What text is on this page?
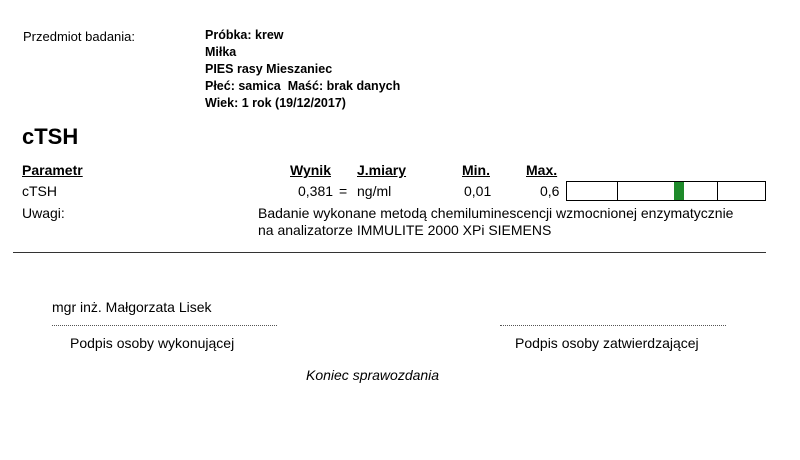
Przedmiot badania:	Próbka: krew
Miłka
PIES rasy Mieszaniec
Płeć: samica  Maść: brak danych
Wiek: 1 rok (19/12/2017)
cTSH
Parametr	Wynik J.miary	Min.	Max.
cTSH	0,381 = ng/ml	0,01	0,6
Uwagi:	Badanie wykonane metodą chemiluminescencji wzmocnionej enzymatycznie
na analizatorze IMMULITE 2000 XPi SIEMENS
mgr inż. Małgorzata Lisek
Podpis osoby wykonującej	Podpis osoby zatwierdzającej
Koniec sprawozdania
